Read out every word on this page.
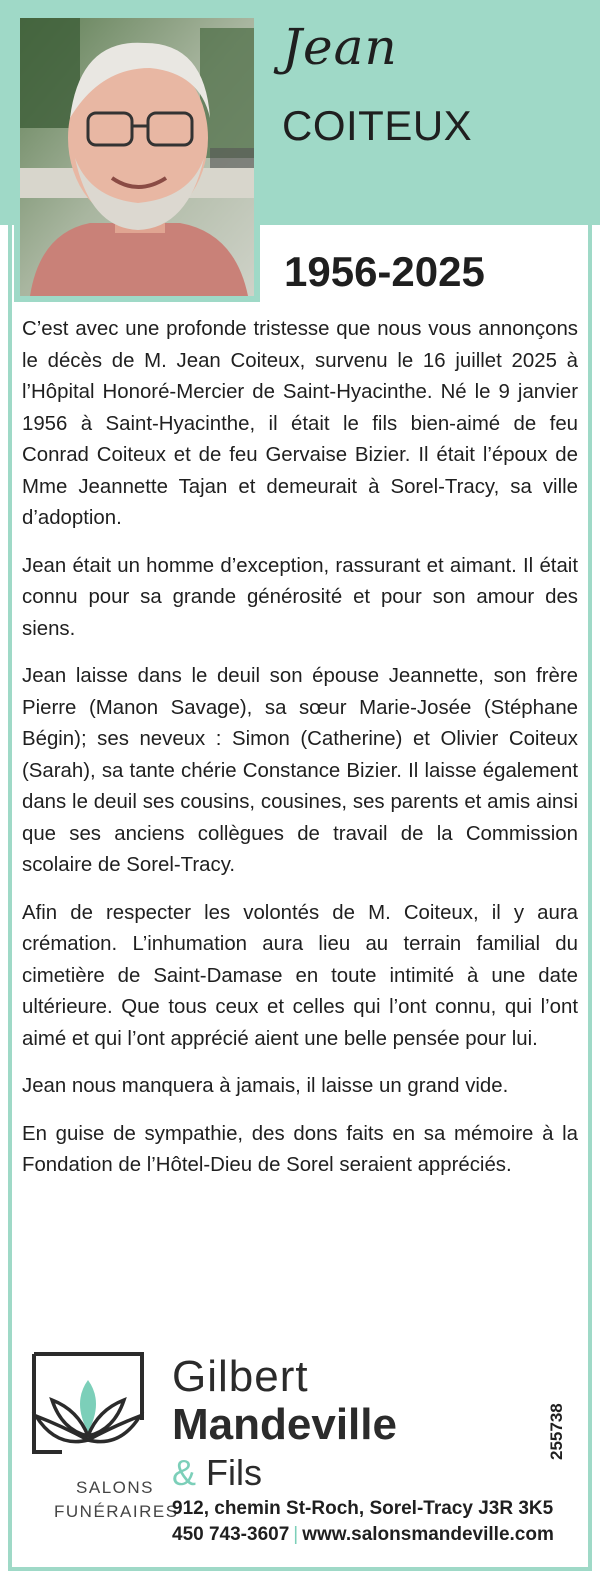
Jean
COITEUX
1956-2025

C’est avec une profonde tristesse que nous vous annonçons le décès de M. Jean Coiteux, survenu le 16 juillet 2025 à l’Hôpital Honoré-Mercier de Saint-Hyacinthe. Né le 9 janvier 1956 à Saint-Hyacinthe, il était le fils bien-aimé de feu Conrad Coiteux et de feu Gervaise Bizier. Il était l’époux de Mme Jeannette Tajan et demeurait à Sorel-Tracy, sa ville d’adoption.

Jean était un homme d’exception, rassurant et aimant. Il était connu pour sa grande générosité et pour son amour des siens.

Jean laisse dans le deuil son épouse Jeannette, son frère Pierre (Manon Savage), sa sœur Marie-Josée (Stéphane Bégin); ses neveux : Simon (Catherine) et Olivier Coiteux (Sarah), sa tante chérie Constance Bizier. Il laisse également dans le deuil ses cousins, cousines, ses parents et amis ainsi que ses anciens collègues de travail de la Commission scolaire de Sorel-Tracy.

Afin de respecter les volontés de M. Coiteux, il y aura crémation. L’inhumation aura lieu au terrain familial du cimetière de Saint-Damase en toute intimité à une date ultérieure. Que tous ceux et celles qui l’ont connu, qui l’ont aimé et qui l’ont apprécié aient une belle pensée pour lui.

Jean nous manquera à jamais, il laisse un grand vide.

En guise de sympathie, des dons faits en sa mémoire à la Fondation de l’Hôtel-Dieu de Sorel seraient appréciés.

SALONS
FUNÉRAIRES
Gilbert
Mandeville
& Fils
912, chemin St-Roch, Sorel-Tracy J3R 3K5
450 743-3607 | www.salonsmandeville.com
255738
